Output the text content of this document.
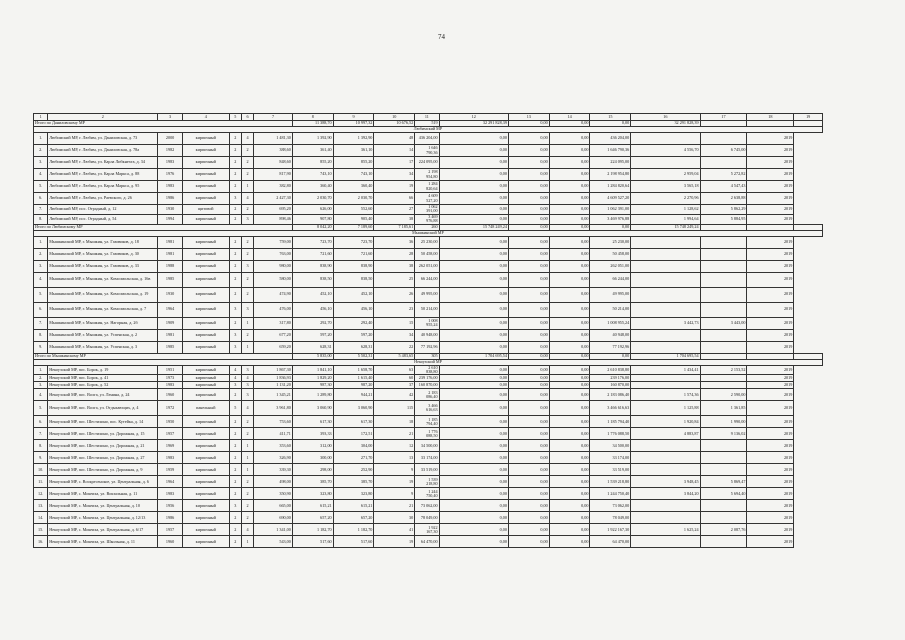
74
1	2	3	4	5	6	7	8	9	10	11	12	13	14	15	16	17	18	19
Итого по Даниловскому МР							11 388,70	10 997,32	10 676,52	519	32 291 828,39	0,00	0,00	0,00	32 291 828,39			
Любимский МР																		
1.	Любимский МР, г. Любим, ул. Даниловская, д. 73	2000	кирпичный	2	4	1 481,30	1 392,90	1 392,90	48	436 204,00	0,00	0,00	0,00	436 204,00			2019	
2.	Любимский МР, г. Любим, ул. Даниловская, д. 78а	1982	кирпичный	2	2	388,60	361,40	361,10	14	1 646 790,36	0,00	0,00	0,00	1 646 790,36	4 556,70	6 745,00	2019	
3.	Любимский МР, г. Любим, ул. Карла Либкнехта, д. 34	1983	кирпичный	2	2	848,60	855,20	855,20	17	224 095,00	0,00	0,00	0,00	224 095,00			2019	
4.	Любимский МР, г. Любим, ул. Карла Маркса, д. 88	1976	кирпичный	2	2	817,90	743,10	743,10	34	2 198 954,80	0,00	0,00	0,00	2 198 954,80	2 959,04	5 272,82	2019	
5.	Любимский МР, г. Любим, ул. Карла Маркса, д. 95	1983	кирпичный	2	1	382,80	360,40	360,40	19	1 284 820,64	0,00	0,00	0,00	1 284 820,64	3 565,18	4 547,43	2019	
6.	Любимский МР, г. Любим, ул. Раевского, д. 26	1986	кирпичный	3	4	2 427,30	2 030,70	2 030,70	66	4 609 527,20	0,00	0,00	0,00	4 609 527,20	2 270,96	2 638,88	2019	
7.	Любимский МР, пос. Отрадный, д. 12	1930	щитовой	2	2	695,20	626,00	552,60	27	1 062 391,00	0,00	0,00	0,00	1 062 391,00	1 128,62	5 862,29	2019	
8.	Любимский МР, пос. Отрадный, д. 54	1994	кирпичный	2	3	898,46	907,80	905,40	38	3 469 976,88	0,00	0,00	0,00	3 469 976,88	1 994,64	5 884,95	2019	
Итого по Любимскому МР							8 042,20	7 189,60	7 185,61	260	15 748 249,24	0,00	0,00	0,00	15 748 249,24			
Мышкинский МР																		
1.	Мышкинский МР, г. Мышкин, ул. Газовиков, д. 18	1981	кирпичный	2	2	759,00	723,70	723,70	36	25 230,00	0,00	0,00	0,00	25 230,00			2019	
2.	Мышкинский МР, г. Мышкин, ул. Газовиков, д. 30	1981	кирпичный	2	2	763,00	721,60	721,60	28	50 458,00	0,00	0,00	0,00	50 458,00			2019	
3.	Мышкинский МР, г. Мышкин, ул. Газовиков, д. 33	1988	кирпичный	2	3	980,00	838,90	838,90	38	262 051,00	0,00	0,00	0,00	262 051,00			2019	
4.	Мышкинский МР, г. Мышкин, ул. Комсомольская, д. 16в	1985	кирпичный	2	2	580,00	838,50	838,50	25	66 244,00	0,00	0,00	0,00	66 244,00			2019	
5.	Мышкинский МР, г. Мышкин, ул. Комсомольская, д. 19	1930	кирпичный	2	2	474,90	452,10	452,10	26	49 995,00	0,00	0,00	0,00	49 995,00			2019	
6.	Мышкинский МР, г. Мышкин, ул. Комсомольская, д. 7	1964	кирпичный	3	3	476,00	456,10	456,10	23	50 214,00	0,00	0,00	0,00	50 214,00			2019	
7.	Мышкинский МР, г. Мышкин, ул. Нагорная, д. 2б	1909	кирпичный	2	1	317,80	292,70	292,40	15	1 008 955,24	0,00	0,00	0,00	1 008 955,24	3 442,73	3 443,00	2019	
8.	Мышкинский МР, г. Мышкин, ул. Успенская, д. 2	1981	кирпичный	3	2	677,20	597,20	597,20	34	40 948,00	0,00	0,00	0,00	40 948,00			2019	
9.	Мышкинский МР, г. Мышкин, ул. Успенская, д. 3	1985	кирпичный	3	1	659,20	628,31	628,31	22	77 192,96	0,00	0,00	0,00	77 192,96			2019	
Итого по Мышкинскому МР							5 835,00	5 502,31	5 483,65	305	1 704 695,54	0,00	0,00	0,00	1 704 695,54			
Некоузский МР																		
1.	Некоузский МР, пос. Борок, д. 19	1951	кирпичный	4	3	1 867,30	1 841,10	1 658,70	63	2 610 838,80	0,00	0,00	0,00	2 610 838,80	1 434,41	2 153,52	2019	
2.	Некоузский МР, пос. Борок, д. 41	1973	кирпичный	4	4	1 836,93	1 829,20	1 615,40	60	239 176,00	0,00	0,00	0,00	239 176,00			2019	
3.	Некоузский МР, пос. Борок, д. 52	1983	кирпичный	3	3	1 131,20	987,30	987,20	37	160 870,00	0,00	0,00	0,00	160 870,00			2019	
4.	Некоузский МР, пос. Волга, ул. Ленина, д. 24	1960	кирпичный	2	3	1 345,21	1 289,80	944,21	42	2 183 086,40	0,00	0,00	0,00	2 183 086,40	1 574,36	2 590,00	2019	
5.	Некоузский МР, пос. Волга, ул. Отдыхающих, д. 4	1972	панельный	5	4	3 961,80	3 060,90	3 060,90	115	3 466 616,63	0,00	0,00	0,00	3 466 616,63	1 125,88	1 361,85	2019	
6.	Некоузский МР, пос. Шестихино, пос. Кутейка, д. 14	1950	кирпичный	2	2	753,60	617,30	617,30	18	1 185 794,40	0,00	0,00	0,00	1 185 794,40	1 920,84	1 990,00	2019	
7.	Некоузский МР, пос. Шестихино, ул. Дорожная, д. 15	1957	кирпичный	2	2	411,71	393,33	172,51	21	1 776 088,50	0,00	0,00	0,00	1 776 088,50	4 883,87	9 136,02	2019	
8.	Некоузский МР, пос. Шестихино, ул. Дорожная, д. 21	1969	кирпичный	2	1	353,60	312,00	304,00	12	34 500,00	0,00	0,00	0,00	34 500,00			2019	
9.	Некоузский МР, пос. Шестихино, ул. Дорожная, д. 27	1983	кирпичный	2	1	326,90	300,00	271,70	13	33 174,00	0,00	0,00	0,00	33 174,00			2019	
10.	Некоузский МР, пос. Шестихино, ул. Дорожная, д. 9	1959	кирпичный	2	1	339,30	298,00	252,90	9	33 519,00	0,00	0,00	0,00	33 519,00			2019	
11.	Некоузский МР, с. Воскресенское, ул. Центральная, д. 6	1964	кирпичный	2	2	498,00	385,70	385,70	19	1 539 218,80	0,00	0,00	0,00	1 539 218,80	3 948,45	5 869,47	2019	
12.	Некоузский МР, с. Мокеиха, ул. Вокзальная, д. 11	1983	кирпичный	2	2	350,90	323,80	323,80	9	1 244 750,40	0,00	0,00	0,00	1 244 750,40	3 844,20	5 694,40	2019	
13.	Некоузский МР, с. Мокеиха, ул. Центральная, д. 10	1956	кирпичный	3	2	665,00	615,21	615,21	21	73 062,00	0,00	0,00	0,00	73 062,00			2019	
14.	Некоузский МР, с. Мокеиха, ул. Центральная, д. 12/13	1986	кирпичный	2	2	690,00	657,20	657,20	30	78 049,00	0,00	0,00	0,00	78 049,00			2019	
15.	Некоузский МР, с. Мокеиха, ул. Центральная, д. 6/17	1957	кирпичный	2	4	1 341,00	1 182,70	1 182,70	41	1 922 167,30	0,00	0,00	0,00	1 922 167,30	1 625,24	2 087,76	2019	
16.	Некоузский МР, с. Мокеиха, ул. Школьная, д. 11	1960	кирпичный	2	1	543,00	517,60	517,60	19	64 470,00	0,00	0,00	0,00	64 470,00			2019	
